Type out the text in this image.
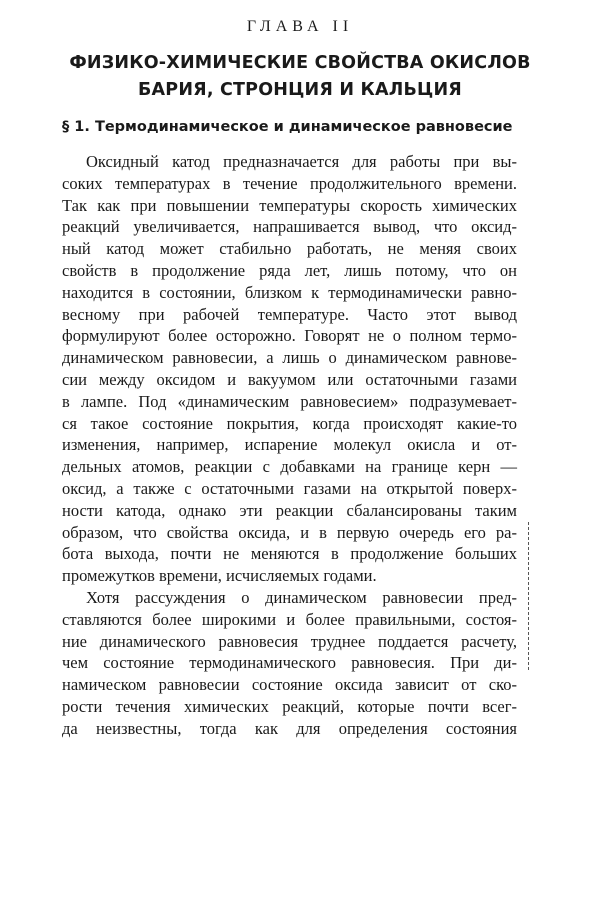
ГЛАВА II
ФИЗИКО-ХИМИЧЕСКИЕ СВОЙСТВА ОКИСЛОВ
БАРИЯ, СТРОНЦИЯ И КАЛЬЦИЯ
§ 1. Термодинамическое и динамическое равновесие
Оксидный катод предназначается для работы при вы-
соких температурах в течение продолжительного времени.
Так как при повышении температуры скорость химических
реакций увеличивается, напрашивается вывод, что оксид-
ный катод может стабильно работать, не меняя своих
свойств в продолжение ряда лет, лишь потому, что он
находится в состоянии, близком к термодинамически равно-
весному при рабочей температуре. Часто этот вывод
формулируют более осторожно. Говорят не о полном термо-
динамическом равновесии, а лишь о динамическом равнове-
сии между оксидом и вакуумом или остаточными газами
в лампе. Под «динамическим равновесием» подразумевает-
ся такое состояние покрытия, когда происходят какие-то
изменения, например, испарение молекул окисла и от-
дельных атомов, реакции с добавками на границе керн —
оксид, а также с остаточными газами на открытой поверх-
ности катода, однако эти реакции сбалансированы таким
образом, что свойства оксида, и в первую очередь его ра-
бота выхода, почти не меняются в продолжение больших
промежутков времени, исчисляемых годами.
Хотя рассуждения о динамическом равновесии пред-
ставляются более широкими и более правильными, состоя-
ние динамического равновесия труднее поддается расчету,
чем состояние термодинамического равновесия. При ди-
намическом равновесии состояние оксида зависит от ско-
рости течения химических реакций, которые почти всег-
да неизвестны, тогда как для определения состояния
